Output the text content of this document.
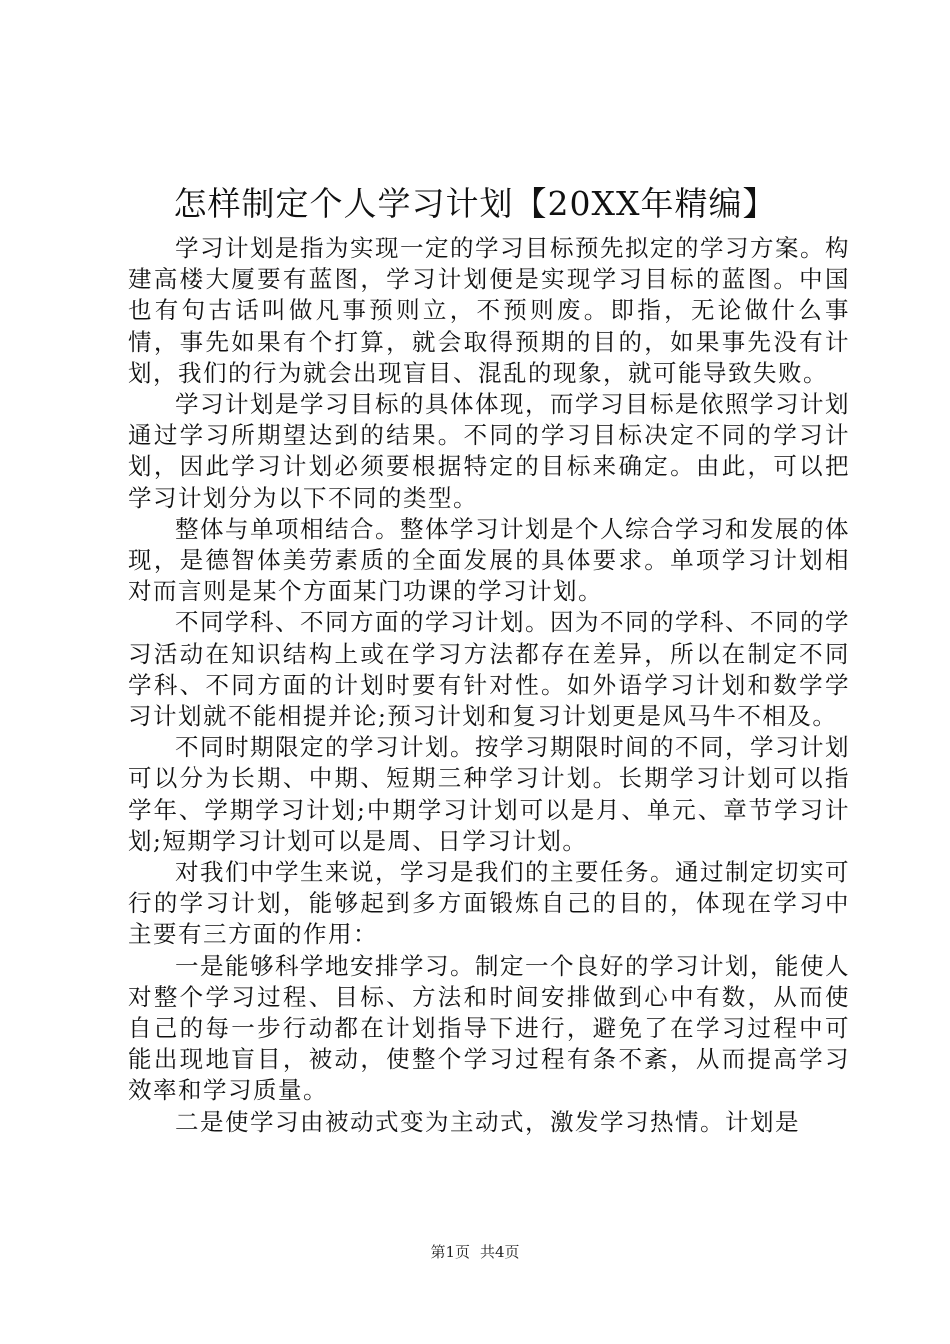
怎样制定个人学习计划【20XX年精编】

学习计划是指为实现一定的学习目标预先拟定的学习方案。构建高楼大厦要有蓝图，学习计划便是实现学习目标的蓝图。中国也有句古话叫做凡事预则立，不预则废。即指，无论做什么事情，事先如果有个打算，就会取得预期的目的，如果事先没有计划，我们的行为就会出现盲目、混乱的现象，就可能导致失败。

学习计划是学习目标的具体体现，而学习目标是依照学习计划通过学习所期望达到的结果。不同的学习目标决定不同的学习计划，因此学习计划必须要根据特定的目标来确定。由此，可以把学习计划分为以下不同的类型。

整体与单项相结合。整体学习计划是个人综合学习和发展的体现，是德智体美劳素质的全面发展的具体要求。单项学习计划相对而言则是某个方面某门功课的学习计划。

不同学科、不同方面的学习计划。因为不同的学科、不同的学习活动在知识结构上或在学习方法都存在差异，所以在制定不同学科、不同方面的计划时要有针对性。如外语学习计划和数学学习计划就不能相提并论;预习计划和复习计划更是风马牛不相及。

不同时期限定的学习计划。按学习期限时间的不同，学习计划可以分为长期、中期、短期三种学习计划。长期学习计划可以指学年、学期学习计划;中期学习计划可以是月、单元、章节学习计划;短期学习计划可以是周、日学习计划。

对我们中学生来说，学习是我们的主要任务。通过制定切实可行的学习计划，能够起到多方面锻炼自己的目的，体现在学习中主要有三方面的作用：

一是能够科学地安排学习。制定一个良好的学习计划，能使人对整个学习过程、目标、方法和时间安排做到心中有数，从而使自己的每一步行动都在计划指导下进行，避免了在学习过程中可能出现地盲目，被动，使整个学习过程有条不紊，从而提高学习效率和学习质量。

二是使学习由被动式变为主动式，激发学习热情。计划是

第1页 共4页
